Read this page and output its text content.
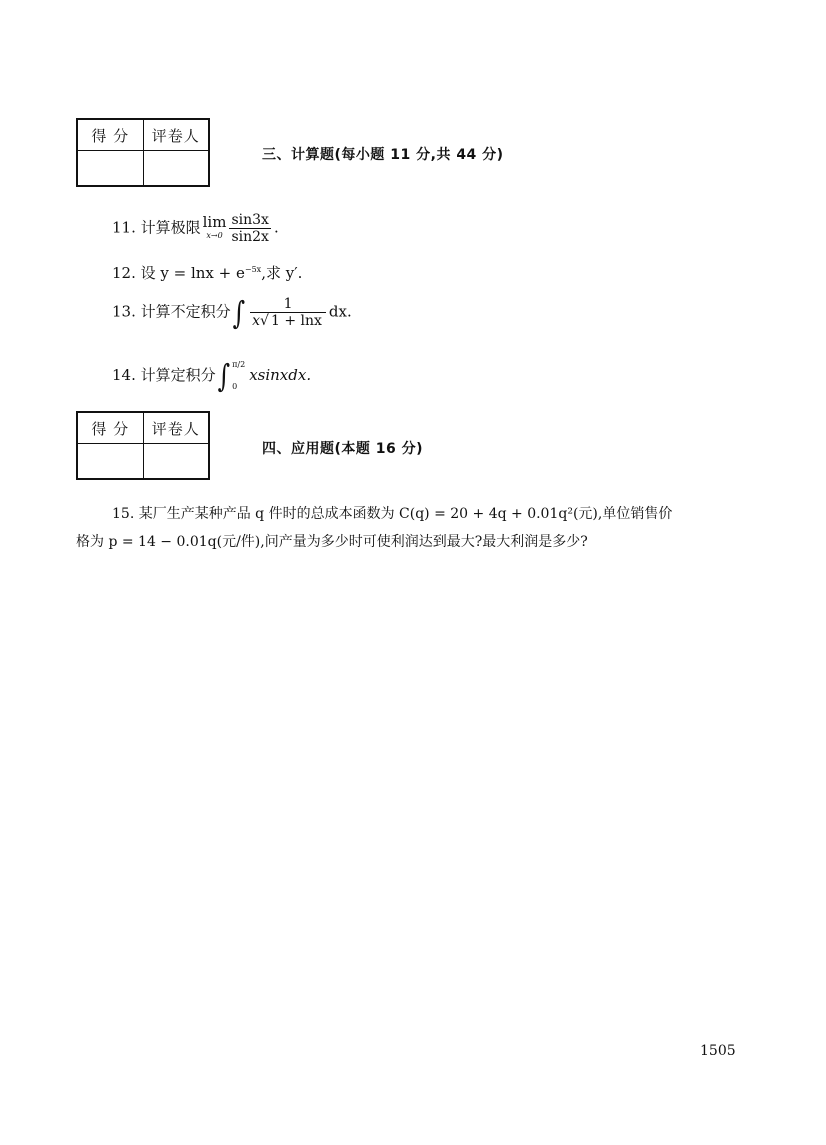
得 分	评卷人

三、计算题(每小题 11 分,共 44 分)
11. 计算极限 lim
$x\to 0 \frac{\sin 3x}{\sin 2x}$ .
12. 设 $y = \ln x + e^{-5x}$,求 y′.
13. 计算不定积分∫ $\frac{1}{x√ 1 + \ln x}$ dx.
14. 计算定积分∫ π/2
0
xsinxdx.
得 分	评卷人

四、应用题(本题 16 分)
15. 某厂生产某种产品 q 件时的总成本函数为 C(q) = 20 + 4q + 0.01q²(元),单位销售价
格为 p = 14 − 0.01q(元/件),问产量为多少时可使利润达到最大?最大利润是多少?
1505
